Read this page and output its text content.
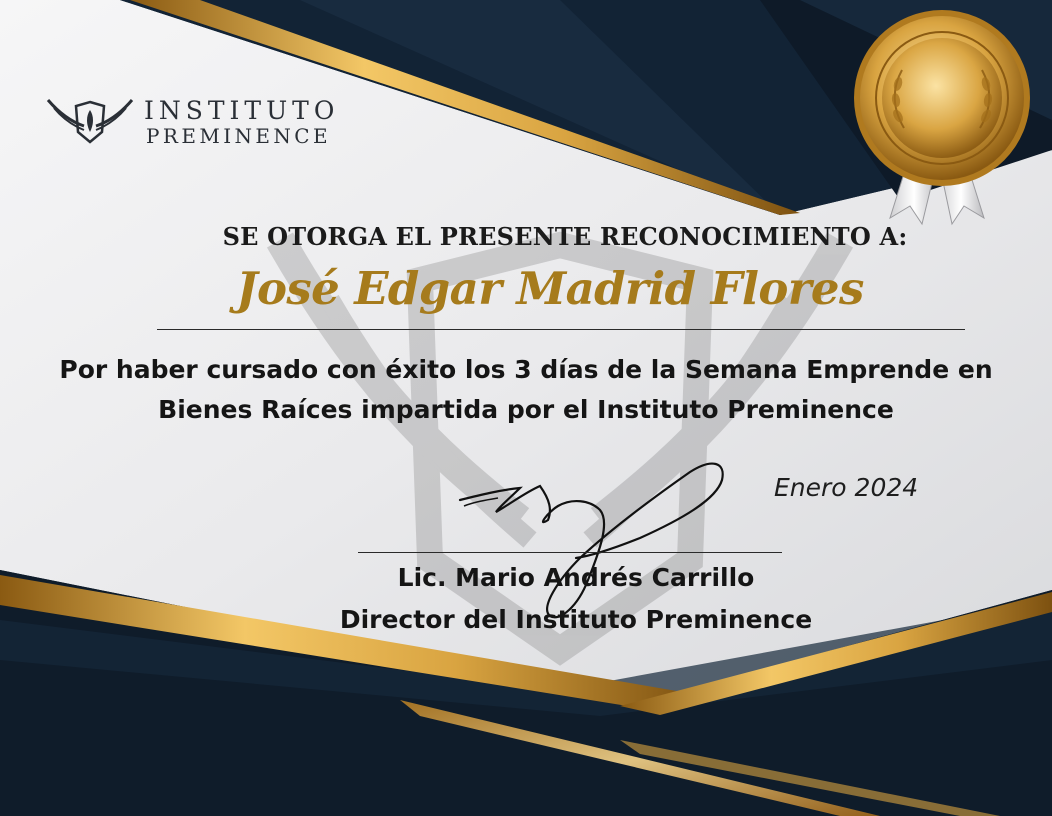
INSTITUTO
PREMINENCE
SE OTORGA EL PRESENTE RECONOCIMIENTO A:
José Edgar Madrid Flores
Por haber cursado con éxito los 3 días de la Semana Emprende en
Bienes Raíces impartida por el Instituto Preminence
Enero 2024
Lic. Mario Andrés Carrillo
Director del Instituto Preminence
